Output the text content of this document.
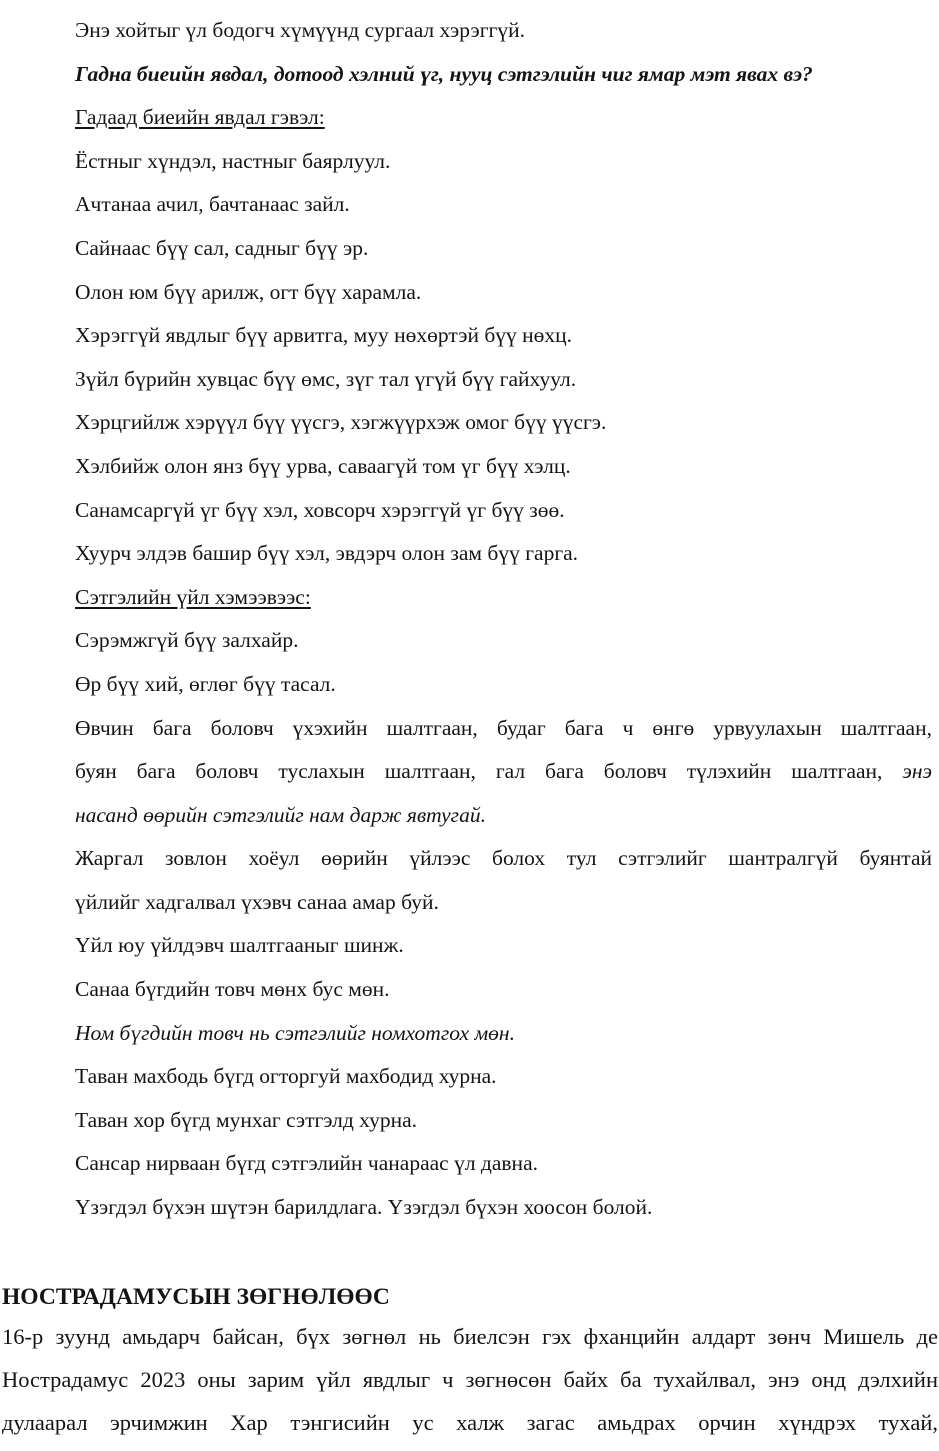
Энэ хойтыг үл бодогч хүмүүнд сургаал хэрэггүй.
Гадна биеийн явдал, дотоод хэлний үг, нууц сэтгэлийн чиг ямар мэт явах вэ?
Гадаад биеийн явдал гэвэл:
Ёстныг хүндэл, настныг баярлуул.
Ачтанаа ачил, бачтанаас зайл.
Сайнаас бүү сал, садныг бүү эр.
Олон юм бүү арилж, огт бүү харамла.
Хэрэггүй явдлыг бүү арвитга, муу нөхөртэй бүү нөхц.
Зүйл бүрийн хувцас бүү өмс, зүг тал үгүй бүү гайхуул.
Хэрцгийлж хэрүүл бүү үүсгэ, хэгжүүрхэж омог бүү үүсгэ.
Хэлбийж олон янз бүү урва, саваагүй том үг бүү хэлц.
Санамсаргүй үг бүү хэл, ховсорч хэрэггүй үг бүү зөө.
Хуурч элдэв башир бүү хэл, эвдэрч олон зам бүү гарга.
Сэтгэлийн үйл хэмээвээс:
Сэрэмжгүй бүү залхайр.
Өр бүү хий, өглөг бүү тасал.
Өвчин бага боловч үхэхийн шалтгаан, будаг бага ч өнгө урвуулахын шалтгаан,
буян бага боловч туслахын шалтгаан, гал бага боловч түлэхийн шалтгаан, энэ
насанд өөрийн сэтгэлийг нам дарж явтугай.
Жаргал зовлон хоёул өөрийн үйлээс болох тул сэтгэлийг шантралгүй буянтай
үйлийг хадгалвал үхэвч санаа амар буй.
Үйл юу үйлдэвч шалтгааныг шинж.
Санаа бүгдийн товч мөнх бус мөн.
Ном бүгдийн товч нь сэтгэлийг номхотгох мөн.
Таван махбодь бүгд огторгуй махбодид хурна.
Таван хор бүгд мунхаг сэтгэлд хурна.
Сансар нирваан бүгд сэтгэлийн чанараас үл давна.
Үзэгдэл бүхэн шүтэн барилдлага. Үзэгдэл бүхэн хоосон болой.
НОСТРАДАМУСЫН ЗӨГНӨЛӨӨС
16-р зуунд амьдарч байсан, бүх зөгнөл нь биелсэн гэх фханцийн алдарт зөнч Мишель де
Нострадамус 2023 оны зарим үйл явдлыг ч зөгнөсөн байх ба тухайлвал, энэ онд дэлхийн
дулаарал эрчимжин Хар тэнгисийн ус халж загас амьдрах орчин хүндрэх тухай,
